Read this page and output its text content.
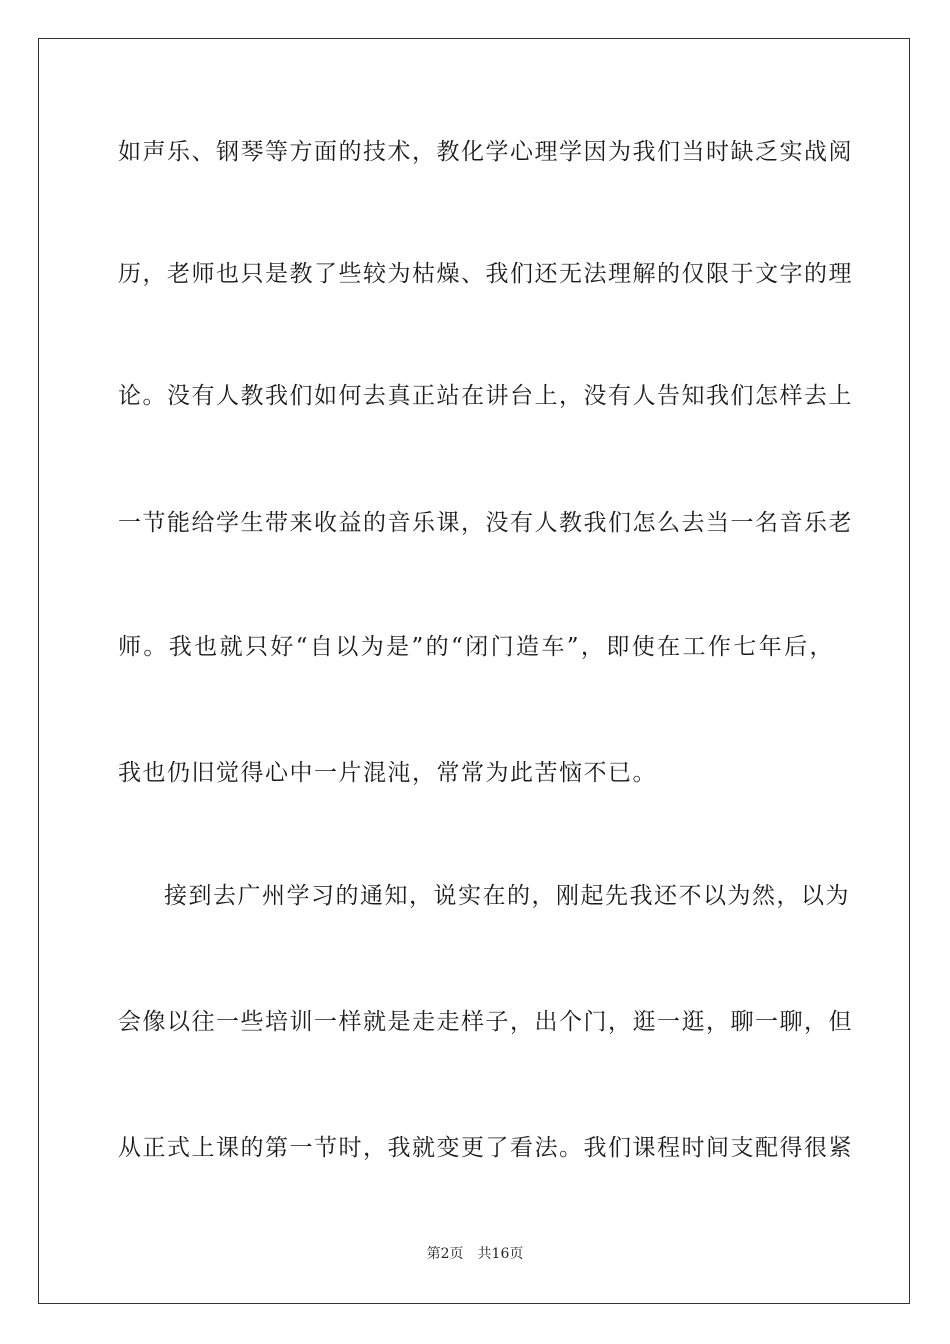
如声乐、钢琴等方面的技术，教化学心理学因为我们当时缺乏实战阅
历，老师也只是教了些较为枯燥、我们还无法理解的仅限于文字的理
论。没有人教我们如何去真正站在讲台上，没有人告知我们怎样去上
一节能给学生带来收益的音乐课，没有人教我们怎么去当一名音乐老
师。我也就只好“自以为是”的“闭门造车”，即使在工作七年后，
我也仍旧觉得心中一片混沌，常常为此苦恼不已。
接到去广州学习的通知，说实在的，刚起先我还不以为然，以为
会像以往一些培训一样就是走走样子，出个门，逛一逛，聊一聊，但
从正式上课的第一节时，我就变更了看法。我们课程时间支配得很紧
第2页 共16页
